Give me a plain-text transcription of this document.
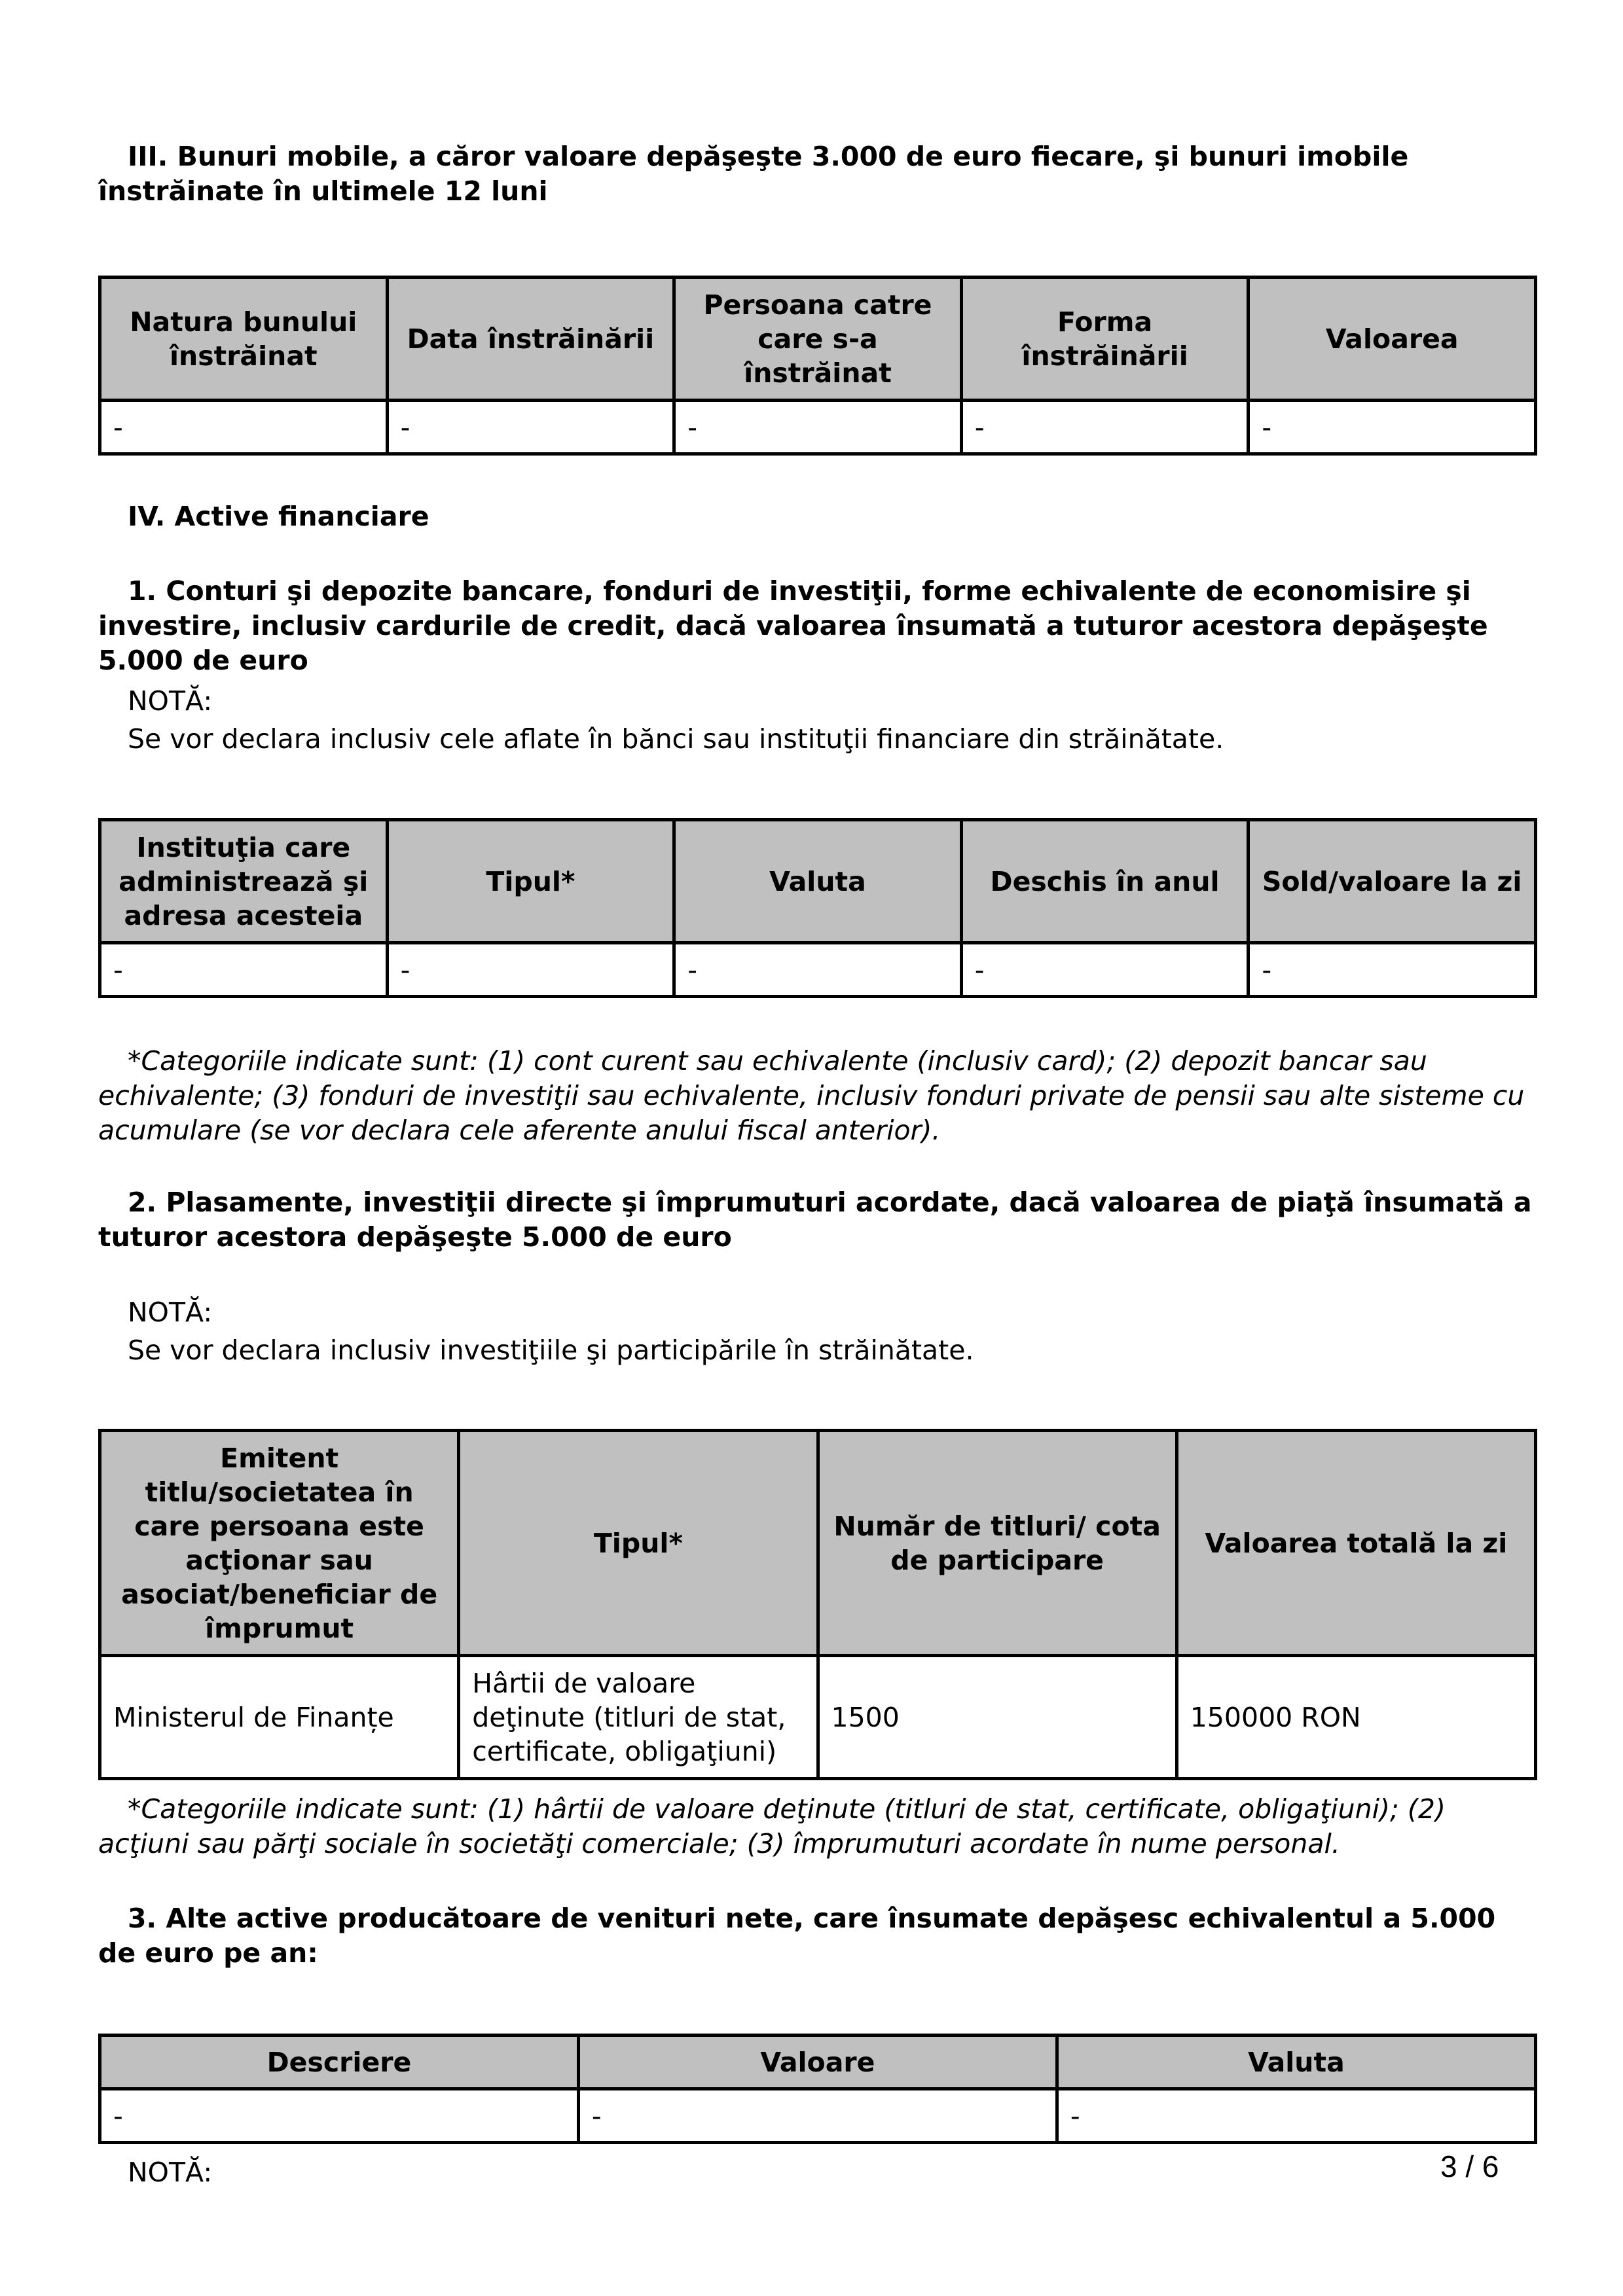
III. Bunuri mobile, a căror valoare depăşeşte 3.000 de euro fiecare, şi bunuri imobile înstrăinate în ultimele 12 luni

Natura bunului înstrăinat	Data înstrăinării	Persoana catre care s-a înstrăinat	Forma înstrăinării	Valoarea
-	-	-	-	-

IV. Active financiare

1. Conturi şi depozite bancare, fonduri de investiţii, forme echivalente de economisire şi investire, inclusiv cardurile de credit, dacă valoarea însumată a tuturor acestora depăşeşte 5.000 de euro

NOTĂ:

Se vor declara inclusiv cele aflate în bănci sau instituţii financiare din străinătate.

Instituţia care administrează şi adresa acesteia	Tipul*	Valuta	Deschis în anul	Sold/valoare la zi
-	-	-	-	-

*Categoriile indicate sunt: (1) cont curent sau echivalente (inclusiv card); (2) depozit bancar sau echivalente; (3) fonduri de investiţii sau echivalente, inclusiv fonduri private de pensii sau alte sisteme cu acumulare (se vor declara cele aferente anului fiscal anterior).

2. Plasamente, investiţii directe şi împrumuturi acordate, dacă valoarea de piaţă însumată a tuturor acestora depăşeşte 5.000 de euro

NOTĂ:

Se vor declara inclusiv investiţiile şi participările în străinătate.

Emitent titlu/societatea în care persoana este acţionar sau asociat/beneficiar de împrumut	Tipul*	Număr de titluri/ cota de participare	Valoarea totală la zi
Ministerul de Finanțe	Hârtii de valoare deţinute (titluri de stat, certificate, obligaţiuni)	1500	150000 RON

*Categoriile indicate sunt: (1) hârtii de valoare deţinute (titluri de stat, certificate, obligaţiuni); (2) acţiuni sau părţi sociale în societăţi comerciale; (3) împrumuturi acordate în nume personal.

3. Alte active producătoare de venituri nete, care însumate depăşesc echivalentul a 5.000 de euro pe an:

Descriere	Valoare	Valuta
-	-	-

NOTĂ:	3 / 6
